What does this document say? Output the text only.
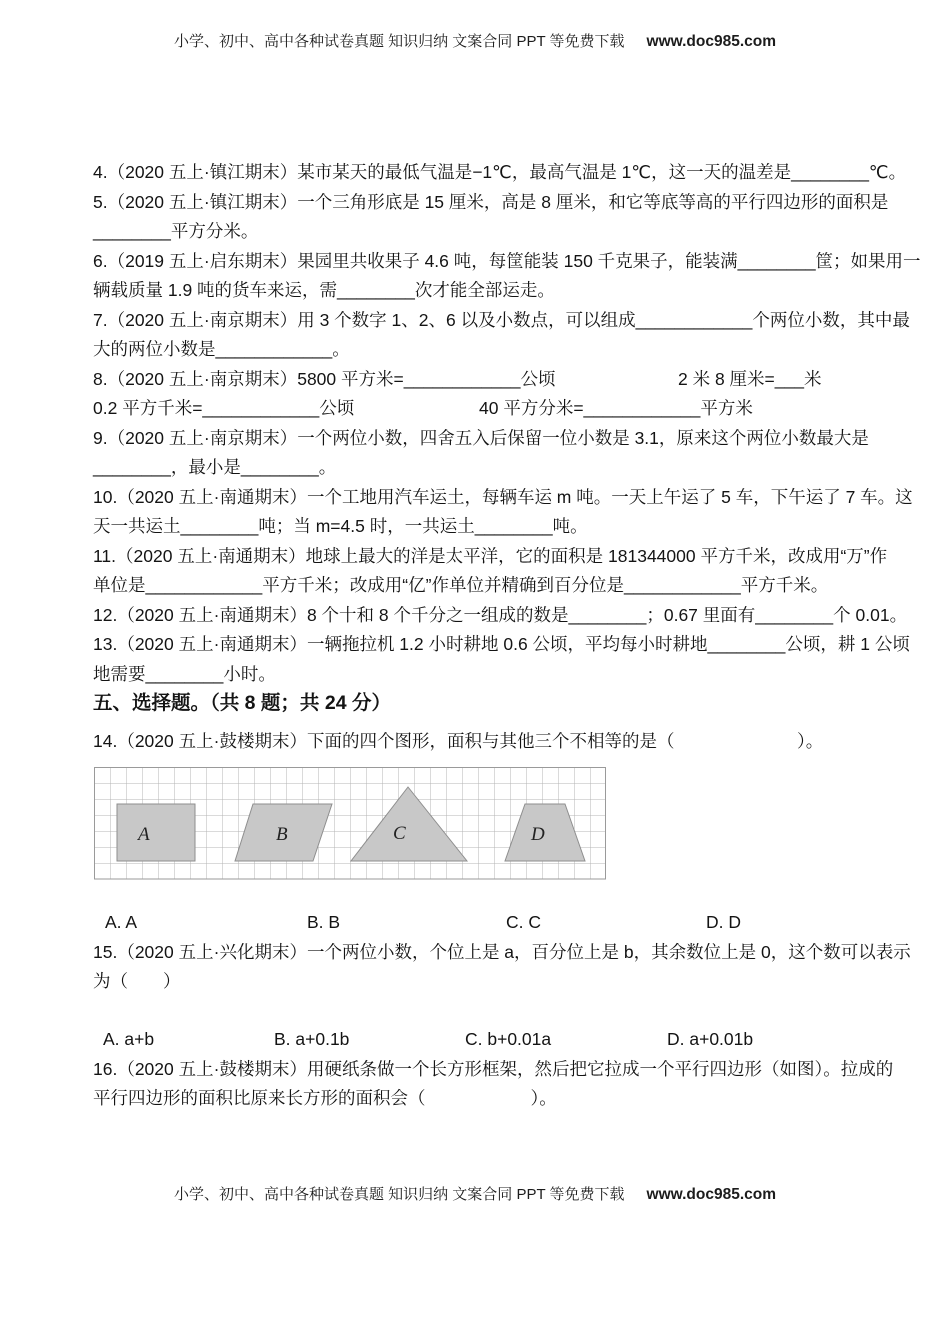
小学、初中、高中各种试卷真题 知识归纳 文案合同 PPT 等免费下载 www.doc985.com
4.（2020 五上·镇江期末）某市某天的最低气温是−1℃，最高气温是 1℃，这一天的温差是________℃。
5.（2020 五上·镇江期末）一个三角形底是 15 厘米，高是 8 厘米，和它等底等高的平行四边形的面积是
________平方分米。
6.（2019 五上·启东期末）果园里共收果子 4.6 吨，每筐能装 150 千克果子，能装满________筐；如果用一
辆载质量 1.9 吨的货车来运，需________次才能全部运走。
7.（2020 五上·南京期末）用 3 个数字 1、2、6 以及小数点，可以组成____________个两位小数，其中最
大的两位小数是____________。
8.（2020 五上·南京期末）5800 平方米=____________公顷	2 米 8 厘米=___米
0.2 平方千米=____________公顷	40 平方分米=____________平方米
9.（2020 五上·南京期末）一个两位小数，四舍五入后保留一位小数是 3.1，原来这个两位小数最大是
________，最小是________。
10.（2020 五上·南通期末）一个工地用汽车运土，每辆车运 m 吨。一天上午运了 5 车，下午运了 7 车。这
天一共运土________吨；当 m=4.5 时，一共运土________吨。
11.（2020 五上·南通期末）地球上最大的洋是太平洋，它的面积是 181344000 平方千米，改成用“万”作
单位是____________平方千米；改成用“亿”作单位并精确到百分位是____________平方千米。
12.（2020 五上·南通期末）8 个十和 8 个千分之一组成的数是________；0.67 里面有________个 0.01。
13.（2020 五上·南通期末）一辆拖拉机 1.2 小时耕地 0.6 公顷，平均每小时耕地________公顷，耕 1 公顷
地需要________小时。
五、选择题。（共 8 题；共 24 分）
14.（2020 五上·鼓楼期末）下面的四个图形，面积与其他三个不相等的是（　　　　　　　）。
A	B	C	D
A. A	B. B	C. C	D. D
15.（2020 五上·兴化期末）一个两位小数，个位上是 a，百分位上是 b，其余数位上是 0，这个数可以表示
为（　　）
A. a+b	B. a+0.1b	C. b+0.01a	D. a+0.01b
16.（2020 五上·鼓楼期末）用硬纸条做一个长方形框架，然后把它拉成一个平行四边形（如图）。拉成的
平行四边形的面积比原来长方形的面积会（　　　　　　）。
小学、初中、高中各种试卷真题 知识归纳 文案合同 PPT 等免费下载 www.doc985.com
